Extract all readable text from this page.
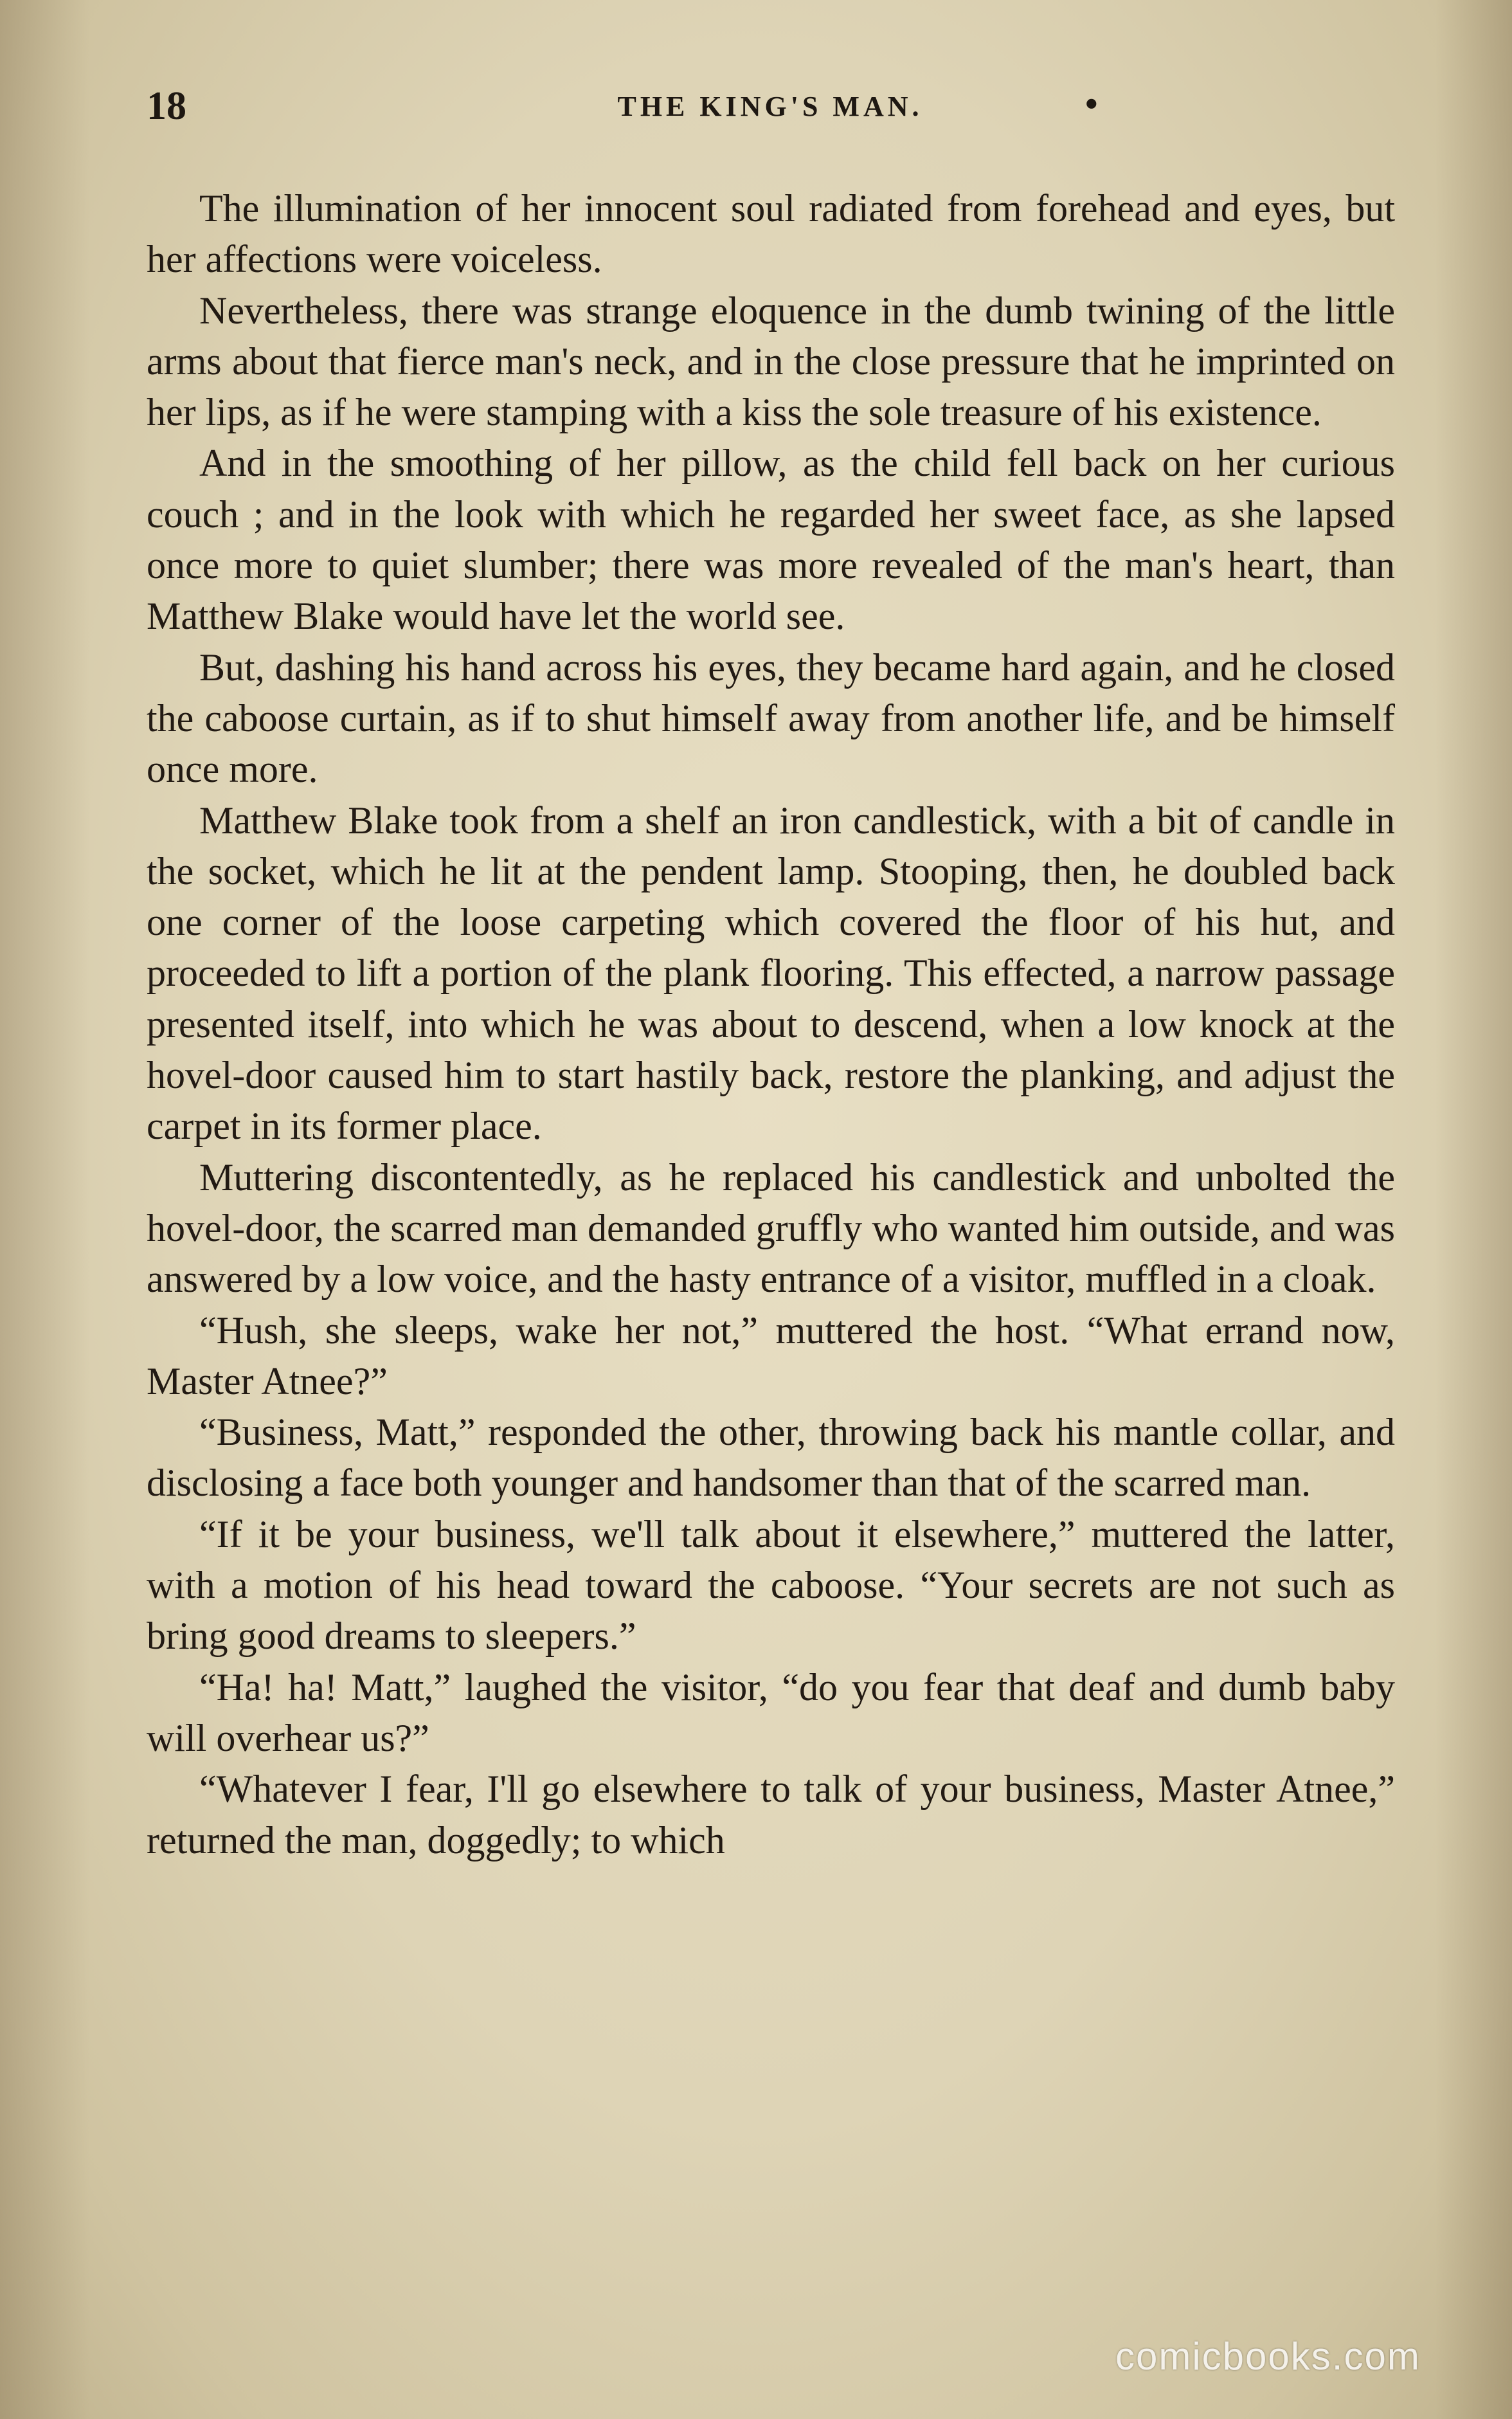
18	THE KING'S MAN.	•

The illumination of her innocent soul radiated from forehead and eyes, but her affections were voiceless.

Nevertheless, there was strange eloquence in the dumb twining of the little arms about that fierce man's neck, and in the close pressure that he imprinted on her lips, as if he were stamping with a kiss the sole treasure of his existence.

And in the smoothing of her pillow, as the child fell back on her curious couch ; and in the look with which he regarded her sweet face, as she lapsed once more to quiet slumber; there was more revealed of the man's heart, than Matthew Blake would have let the world see.

But, dashing his hand across his eyes, they became hard again, and he closed the caboose curtain, as if to shut himself away from another life, and be himself once more.

Matthew Blake took from a shelf an iron candlestick, with a bit of candle in the socket, which he lit at the pendent lamp. Stooping, then, he doubled back one corner of the loose carpeting which covered the floor of his hut, and proceeded to lift a portion of the plank flooring. This effected, a narrow passage presented itself, into which he was about to descend, when a low knock at the hovel-door caused him to start hastily back, restore the planking, and adjust the carpet in its former place.

Muttering discontentedly, as he replaced his candlestick and unbolted the hovel-door, the scarred man demanded gruffly who wanted him outside, and was answered by a low voice, and the hasty entrance of a visitor, muffled in a cloak.

“Hush, she sleeps, wake her not,” muttered the host. “What errand now, Master Atnee?”

“Business, Matt,” responded the other, throwing back his mantle collar, and disclosing a face both younger and handsomer than that of the scarred man.

“If it be your business, we'll talk about it elsewhere,” muttered the latter, with a motion of his head toward the caboose. “Your secrets are not such as bring good dreams to sleepers.”

“Ha! ha! Matt,” laughed the visitor, “do you fear that deaf and dumb baby will overhear us?”

“Whatever I fear, I'll go elsewhere to talk of your business, Master Atnee,” returned the man, doggedly; to which

comicbooks.com
